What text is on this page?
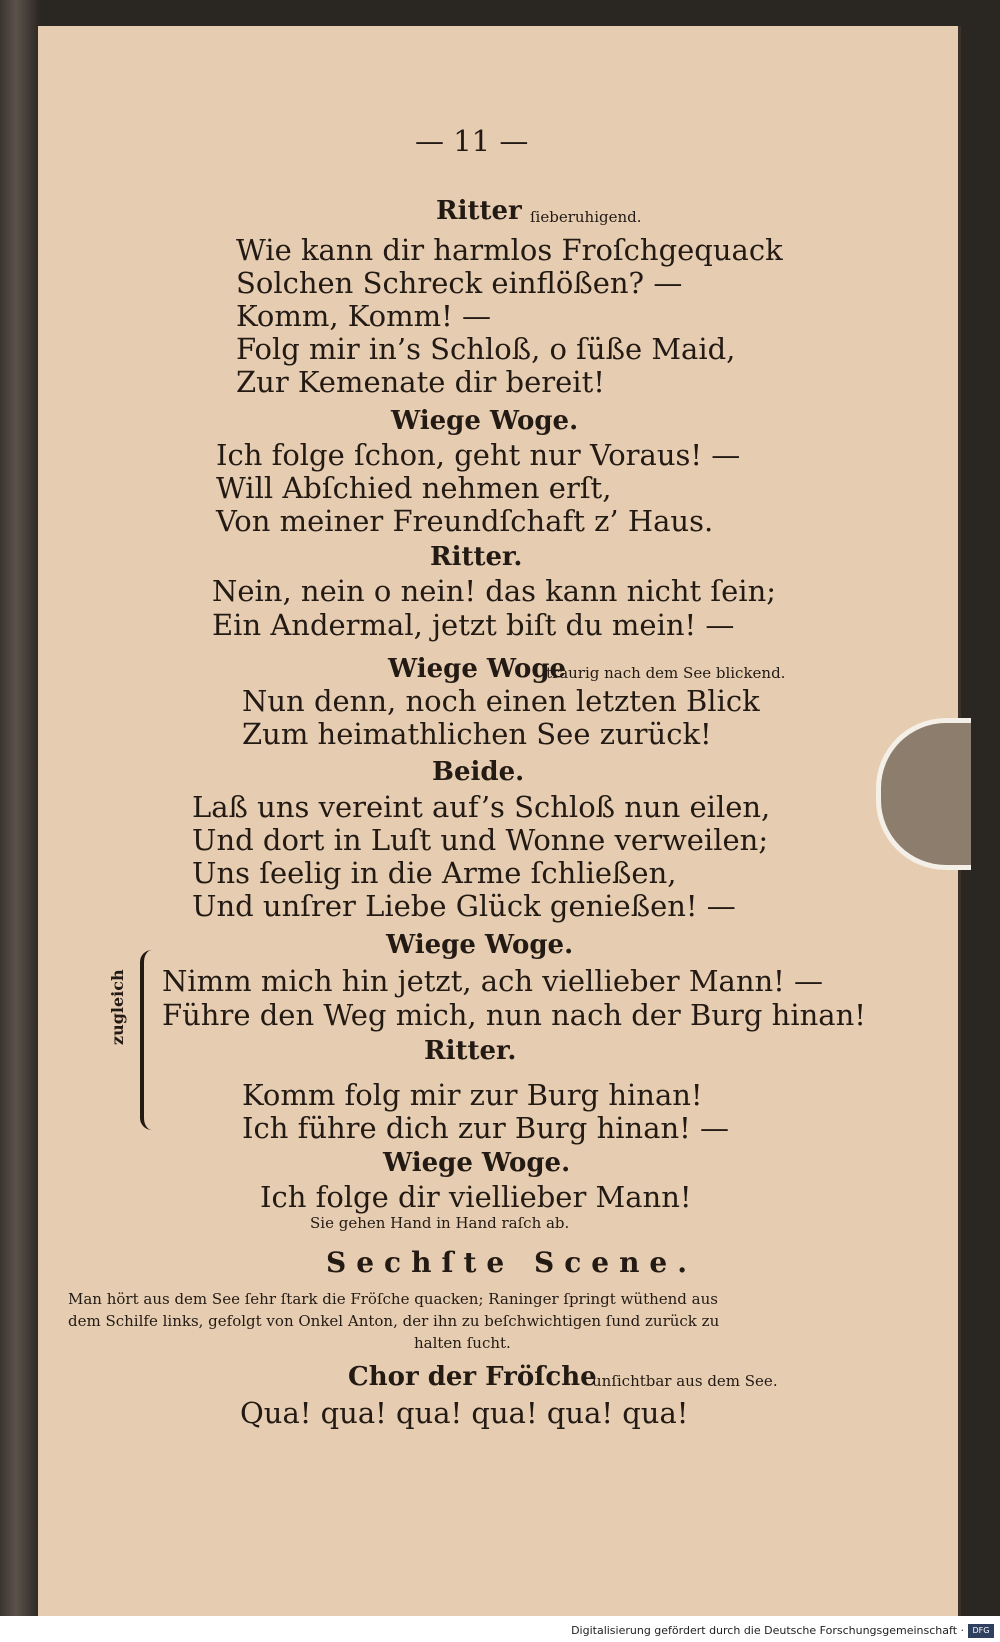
— 11 —
Ritter ſieberuhigend.
Wie kann dir harmlos Froſchgequack
Solchen Schreck einflößen? —
Komm, Komm! —
Folg mir in’s Schloß, o ſüße Maid,
Zur Kemenate dir bereit!
Wiege Woge.
Ich folge ſchon, geht nur Voraus! —
Will Abſchied nehmen erſt,
Von meiner Freundſchaft z’ Haus.
Ritter.
Nein, nein o nein! das kann nicht ſein;
Ein Andermal, jetzt biſt du mein! —
Wiege Woge
traurig nach dem See blickend.
Nun denn, noch einen letzten Blick
Zum heimathlichen See zurück!
Beide.
Laß uns vereint auf’s Schloß nun eilen,
Und dort in Luſt und Wonne verweilen;
Uns ſeelig in die Arme ſchließen,
Und unſrer Liebe Glück genießen! —
Wiege Woge.
Nimm mich hin jetzt, ach viellieber Mann! —
Führe den Weg mich, nun nach der Burg hinan!
zugleich
Ritter.
Komm folg mir zur Burg hinan!
Ich führe dich zur Burg hinan! —
Wiege Woge.
Ich folge dir viellieber Mann!
Sie gehen Hand in Hand raſch ab.
Sechſte Scene.
Man hört aus dem See ſehr ſtark die Fröſche quacken; Raninger ſpringt wüthend aus
dem Schilfe links, gefolgt von Onkel Anton, der ihn zu beſchwichtigen ſund zurück zu
halten ſucht.
Chor der Fröſche
unſichtbar aus dem See.
Qua! qua! qua! qua! qua! qua!
Digitalisierung gefördert durch die Deutsche Forschungsgemeinschaft ·	DFG
